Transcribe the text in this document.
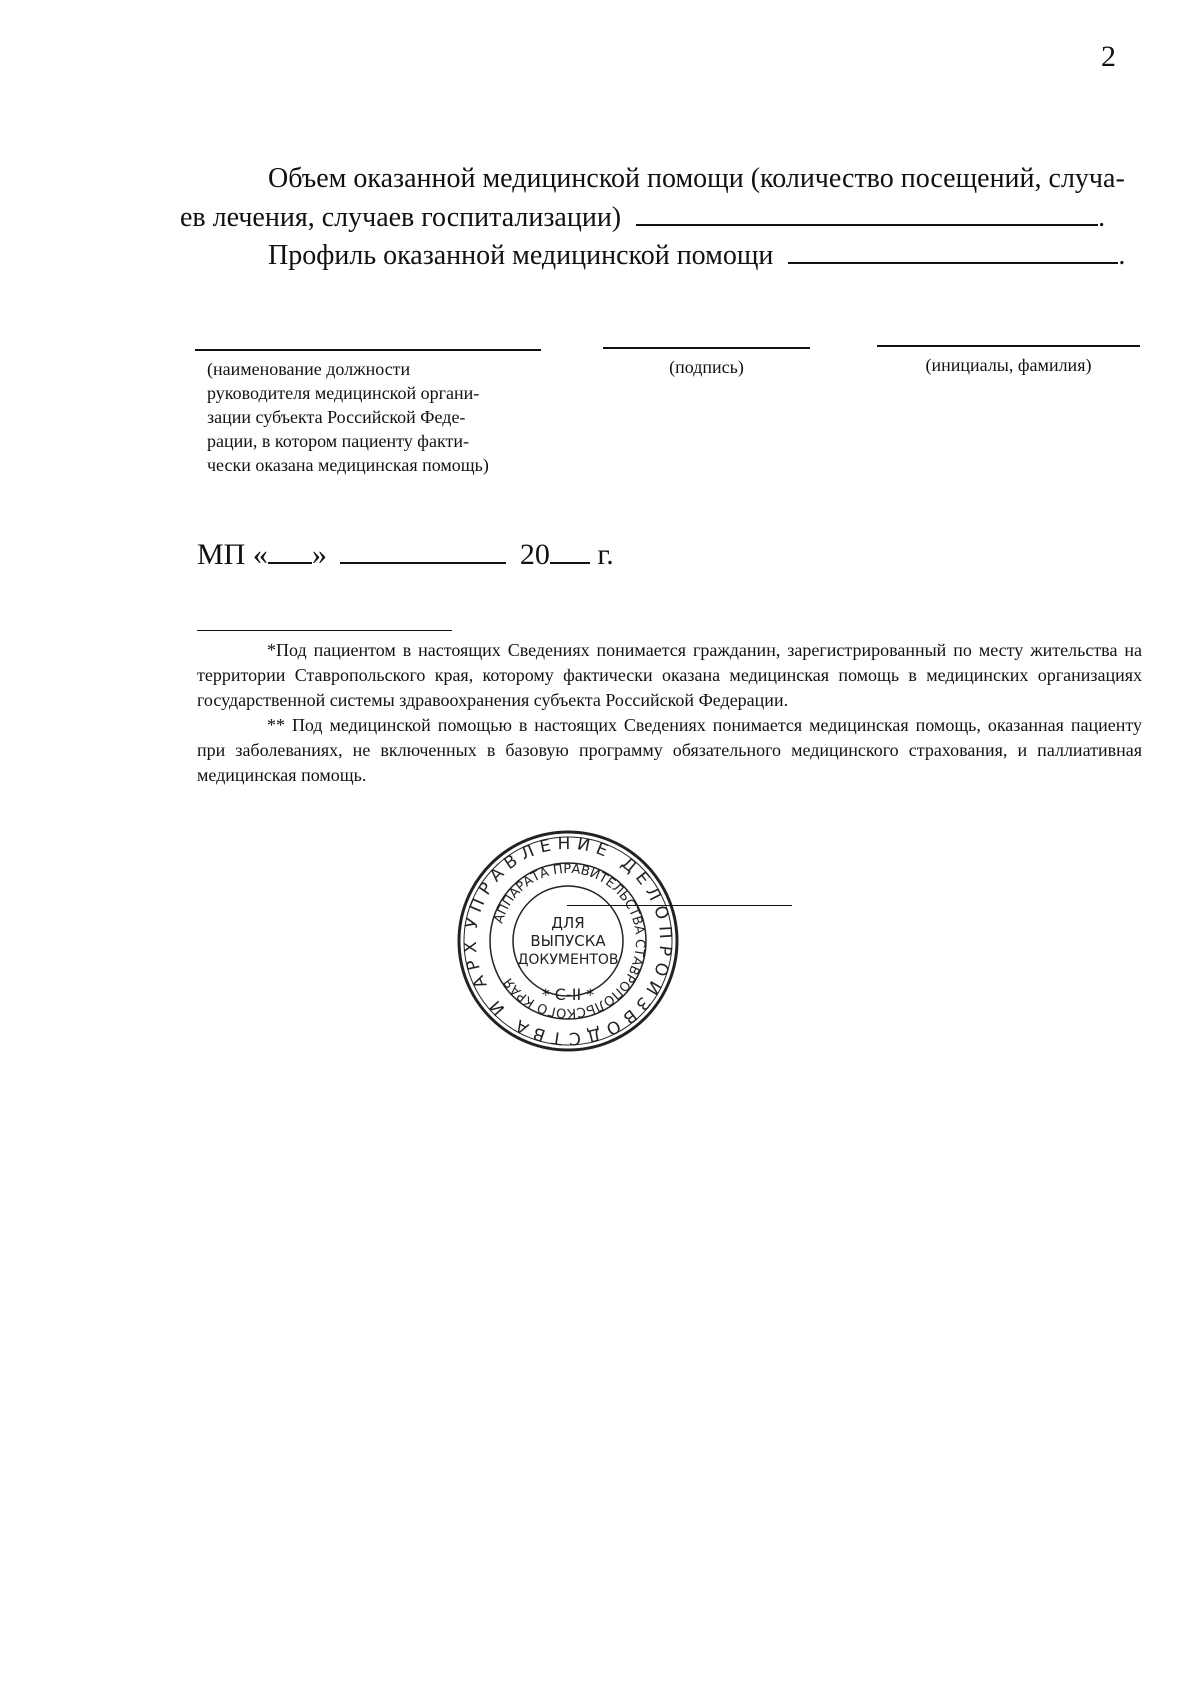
2
Объем оказанной медицинской помощи (количество посещений, случа-
ев лечения, случаев госпитализации)	.
Профиль оказанной медицинской помощи	.
(наименование должности
руководителя медицинской органи-
зации субъекта Российской Феде-
рации, в котором пациенту факти-
чески оказана медицинская помощь)
(подпись)	(инициалы, фамилия)
МП « »	20 г.
*Под пациентом в настоящих Сведениях понимается гражданин, зарегистрированный по месту жительства на территории Ставропольского края, которому фактически оказана медицинская помощь в медицинских организациях государственной системы здравоохранения субъекта Российской Федерации.
** Под медицинской помощью в настоящих Сведениях понимается медицинская помощь, оказанная пациенту при заболеваниях, не включенных в базовую программу обязательного медицинского страхования, и паллиативная медицинская помощь.
УПРАВЛЕНИЕ ДЕЛОПРОИЗВОДСТВА И АРХ
АППАРАТА ПРАВИТЕЛЬСТВА СТАВРОПОЛЬСКОГО КРАЯ
ДЛЯ
ВЫПУСКА
ДОКУМЕНТОВ
* С-II *
